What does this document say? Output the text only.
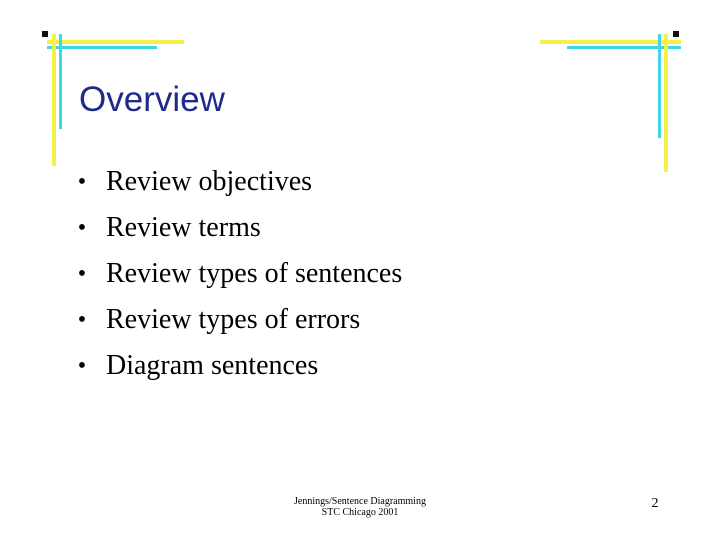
Overview
• Review objectives
• Review terms
• Review types of sentences
• Review types of errors
• Diagram sentences
Jennings/Sentence Diagramming
STC Chicago 2001
2
